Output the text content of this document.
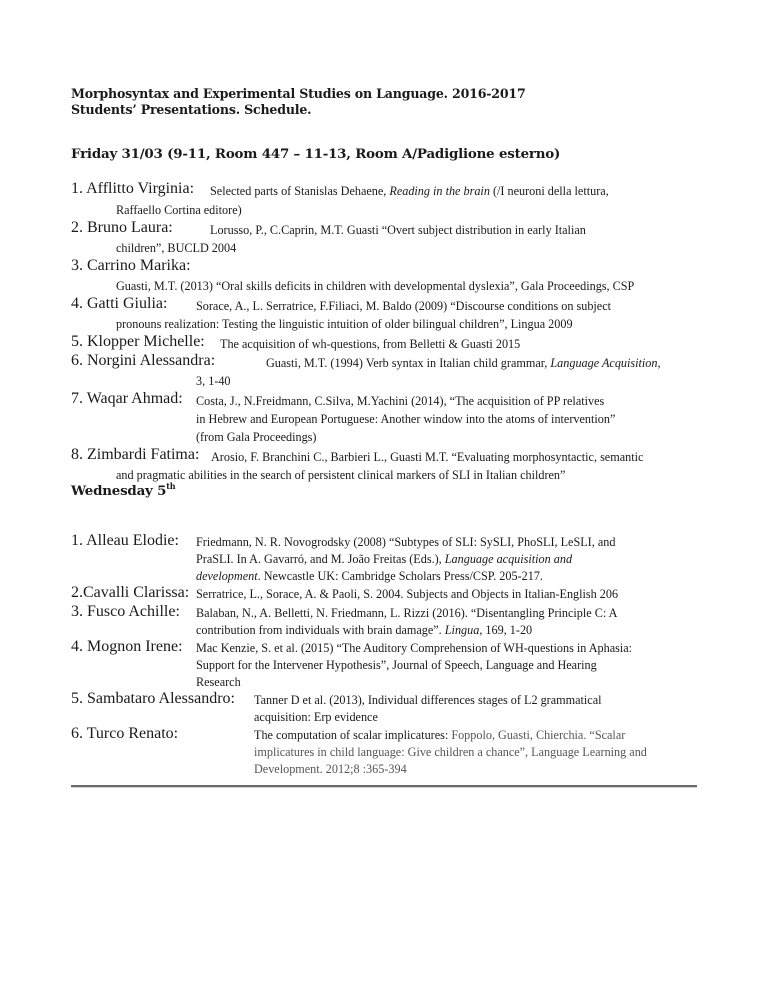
Morphosyntax and Experimental Studies on Language. 2016-2017
Students’ Presentations. Schedule.
Friday 31/03 (9-11, Room 447 – 11-13, Room A/Padiglione esterno)
1. Afflitto Virginia: Selected parts of Stanislas Dehaene, Reading in the brain (/I neuroni della lettura,
Raffaello Cortina editore)
2. Bruno Laura:	Lorusso, P., C.Caprin, M.T. Guasti “Overt subject distribution in early Italian
children”, BUCLD 2004
3. Carrino Marika:
Guasti, M.T. (2013) “Oral skills deficits in children with developmental dyslexia”, Gala Proceedings, CSP
4. Gatti Giulia: Sorace, A., L. Serratrice, F.Filiaci, M. Baldo (2009) “Discourse conditions on subject
pronouns realization: Testing the linguistic intuition of older bilingual children”, Lingua 2009
5. Klopper Michelle: The acquisition of wh-questions, from Belletti & Guasti 2015
6. Norgini Alessandra:	Guasti, M.T. (1994) Verb syntax in Italian child grammar, Language Acquisition,
3, 1-40
7. Waqar Ahmad: Costa, J., N.Freidmann, C.Silva, M.Yachini (2014), “The acquisition of PP relatives
in Hebrew and European Portuguese: Another window into the atoms of intervention”
(from Gala Proceedings)
8. Zimbardi Fatima: Arosio, F. Branchini C., Barbieri L., Guasti M.T. “Evaluating morphosyntactic, semantic
and pragmatic abilities in the search of persistent clinical markers of SLI in Italian children”
Wednesday 5th
1. Alleau Elodie: Friedmann, N. R. Novogrodsky (2008) “Subtypes of SLI: SySLI, PhoSLI, LeSLI, and
PraSLI. In A. Gavarró, and M. João Freitas (Eds.), Language acquisition and
development. Newcastle UK: Cambridge Scholars Press/CSP. 205-217.
2.Cavalli Clarissa: Serratrice, L., Sorace, A. & Paoli, S. 2004. Subjects and Objects in Italian-English 206
3. Fusco Achille: Balaban, N., A. Belletti, N. Friedmann, L. Rizzi (2016). “Disentangling Principle C: A
contribution from individuals with brain damage”. Lingua, 169, 1-20
4. Mognon Irene: Mac Kenzie, S. et al. (2015) “The Auditory Comprehension of WH-questions in Aphasia:
Support for the Intervener Hypothesis”, Journal of Speech, Language and Hearing
Research
5. Sambataro Alessandro: Tanner D et al. (2013), Individual differences stages of L2 grammatical
acquisition: Erp evidence
6. Turco Renato:	The computation of scalar implicatures: Foppolo, Guasti, Chierchia. “Scalar
implicatures in child language: Give children a chance”, Language Learning and
Development. 2012;8 :365-394
